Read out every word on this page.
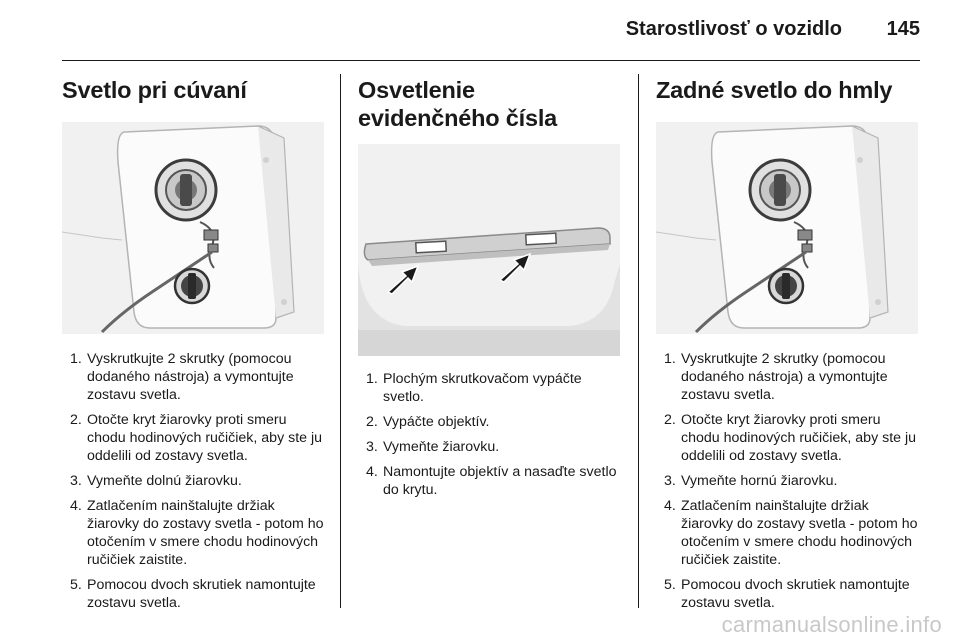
Starostlivosť o vozidlo 145
Svetlo pri cúvaní
1. Vyskrutkujte 2 skrutky (pomocou dodaného nástroja) a vymontujte zostavu svetla.
2. Otočte kryt žiarovky proti smeru chodu hodinových ručičiek, aby ste ju oddelili od zostavy svetla.
3. Vymeňte dolnú žiarovku.
4. Zatlačením nainštalujte držiak žiarovky do zostavy svetla - potom ho otočením v smere chodu hodinových ručičiek zaistite.
5. Pomocou dvoch skrutiek namontujte zostavu svetla.
Osvetlenie evidenčného čísla
1. Plochým skrutkovačom vypáčte svetlo.
2. Vypáčte objektív.
3. Vymeňte žiarovku.
4. Namontujte objektív a nasaďte svetlo do krytu.
Zadné svetlo do hmly
1. Vyskrutkujte 2 skrutky (pomocou dodaného nástroja) a vymontujte zostavu svetla.
2. Otočte kryt žiarovky proti smeru chodu hodinových ručičiek, aby ste ju oddelili od zostavy svetla.
3. Vymeňte hornú žiarovku.
4. Zatlačením nainštalujte držiak žiarovky do zostavy svetla - potom ho otočením v smere chodu hodinových ručičiek zaistite.
5. Pomocou dvoch skrutiek namontujte zostavu svetla.
carmanualsonline.info
